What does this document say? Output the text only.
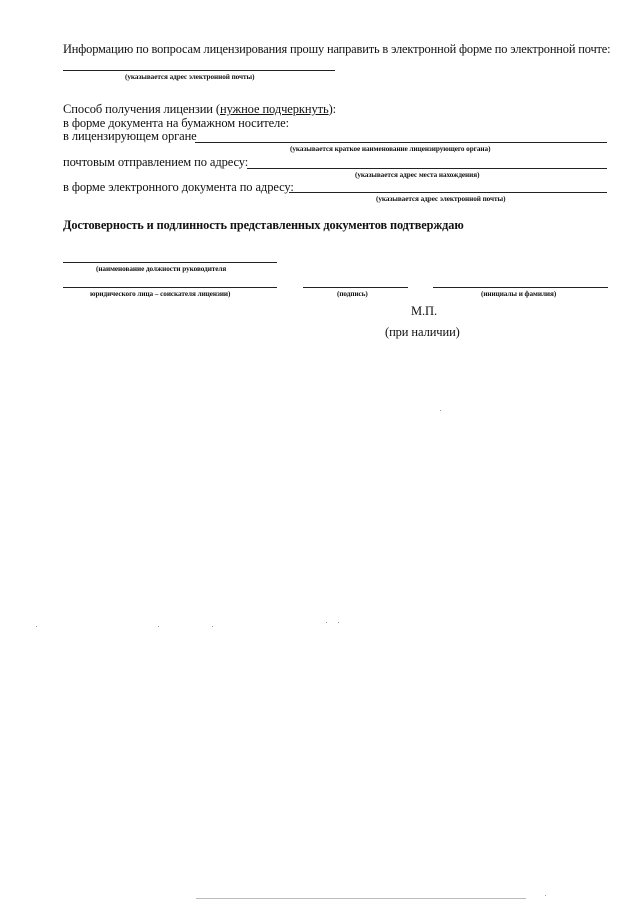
Информацию по вопросам лицензирования прошу направить в электронной форме по электронной почте:
(указывается адрес электронной почты)
Способ получения лицензии (нужное подчеркнуть):
в форме документа на бумажном носителе:
в лицензирующем органе
(указывается краткое наименование лицензирующего органа)
почтовым отправлением по адресу:
(указывается адрес места нахождения)
в форме электронного документа по адресу:
(указывается адрес электронной почты)
Достоверность и подлинность представленных документов подтверждаю
(наименование должности руководителя
юридического лица – соискателя лицензии)	(подпись)	(инициалы и фамилия)
М.П.
(при наличии)
